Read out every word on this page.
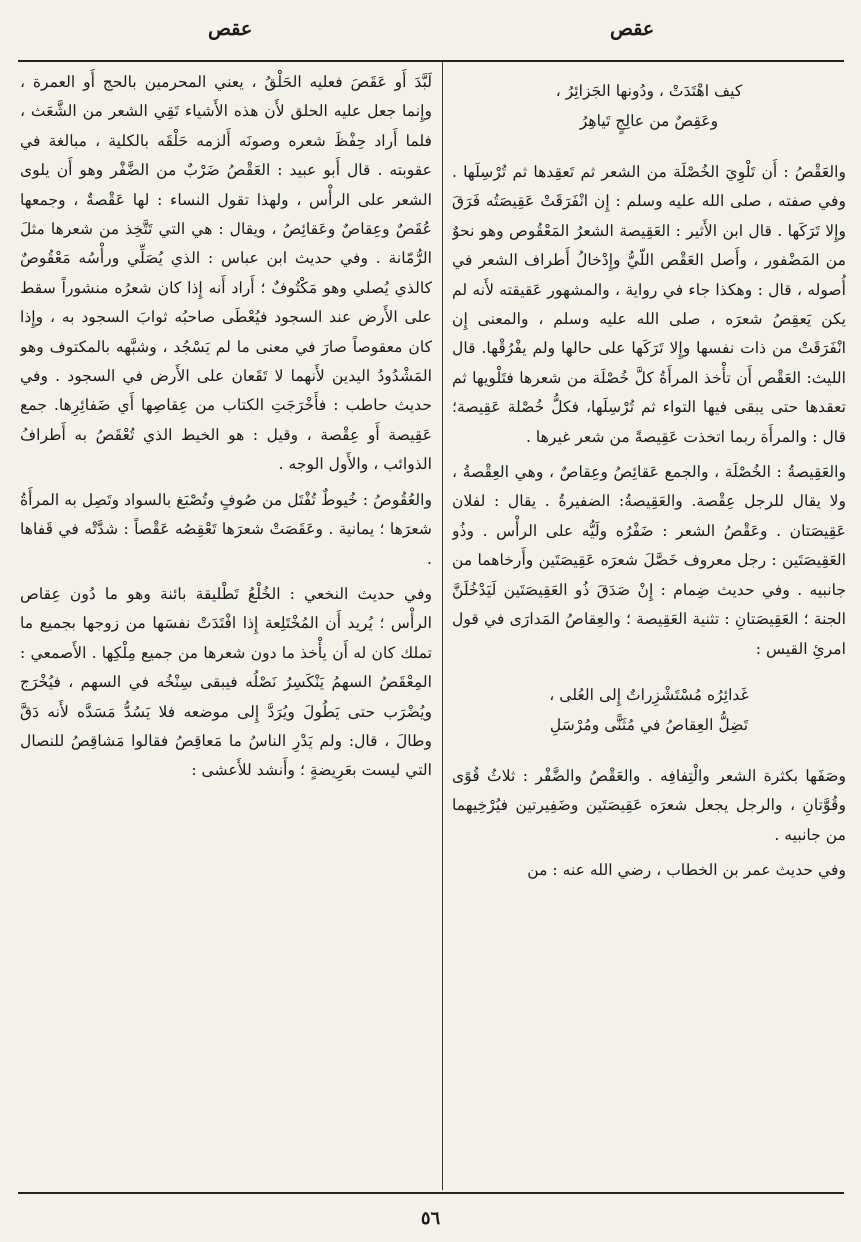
عقص	عقص
كيف اهْتَدَتْ ، ودُونها الجَزائِرُ ،
وعَقِصٌ من عالِجٍ تَياهِرُ

والعَقْصُ : أَن تَلْوِيَ الخُصْلَة من الشعر ثم تَعقِدها ثم تُرْسِلَها . وفي صفته ، صلى الله عليه وسلم : إِن انْفَرَقَتْ عَقِيصَتُه فَرَقَ وإِلا تَرَكَها . قال ابن الأَثير : العَقِيصة الشعرُ المَعْقُوص وهو نحوٌ من المَضْفور ، وأَصل العَقْص اللّيُّ وإِدْخالُ أَطراف الشعر في أُصوله ، قال : وهكذا جاء في رواية ، والمشهور عَقيقته لأَنه لم يكن يَعقِصُ شعرَه ، صلى الله عليه وسلم ، والمعنى إِن انْفَرَقَتْ من ذات نفسها وإِلا تَرَكَها على حالها ولم يفْرُقْها. قال الليث: العَقْص أَن تأْخذ المرأَةُ كلَّ خُصْلَة من شعرها فتَلْويها ثم تعقدها حتى يبقى فيها التواء ثم تُرْسِلَها، فكلُّ خُصْلة عَقِيصة؛ قال : والمرأَة ربما اتخذت عَقِيصةً من شعر غيرها .

والعَقِيصةُ : الخُصْلَة ، والجمع عَقائِصُ وعِقاصٌ ، وهي العِقْصةُ ، ولا يقال للرجل عِقْصة. والعَقِيصةُ: الضفيرةُ . يقال : لفلان عَقِيصَتان . وعَقْصُ الشعر : ضَفْرُه ولَيُّه على الرأْس . وذُو العَقِيصَتَين : رجل معروف خَصَّلَ شعرَه عَقِيصَتَين وأَرخاهما من جانبيه . وفي حديث ضِمام : إِنْ صَدَقَ ذُو العَقِيصَتَين لَيَدْخُلَنَّ الجنة ؛ العَقِيصَتانِ : تثنية العَقِيصة ؛ والعِقاصُ المَدارَى في قول امرئِ القيس :

غَدائِرُه مُسْتَشْزِراتٌ إِلى العُلى ،
تَضِلُّ العِقاصُ في مُثَنًّى ومُرْسَلِ

وصَفَها بكثرة الشعر والْتِفافِه . والعَقْصُ والضَّفْر : ثلاثُ قُوًى وقُوَّتانِ ، والرجل يجعل شعرَه عَقِيصَتَين وضَفِيرتين فيُرْخِيهما من جانبيه .

وفي حديث عمر بن الخطاب ، رضي الله عنه : من

لَبَّدَ أَو عَقَصَ فعليه الحَلْقُ ، يعني المحرمين بالحج أَو العمرة ، وإِنما جعل عليه الحلق لأَن هذه الأَشياء تَقِي الشعر من الشَّعَث ، فلما أَراد حِفْظَ شعره وصونَه أَلزمه حَلْقَه بالكلية ، مبالغة في عقوبته . قال أَبو عبيد : العَقْصُ ضَرْبٌ من الضَّفْر وهو أَن يلوى الشعر على الرأْس ، ولهذا تقول النساء : لها عَقْصةٌ ، وجمعها عُقَصٌ وعِقاصٌ وعَقائِصُ ، ويقال : هي التي تَتَّخِذ من شعرها مثلَ الرُّمّانة . وفي حديث ابن عباس : الذي يُصَلِّي ورأْسُه مَعْقُوصٌ كالذي يُصلي وهو مَكْتُوفٌ ؛ أَراد أَنه إِذا كان شعرُه منشوراً سقط على الأَرض عند السجود فيُعْطَى صاحبُه ثوابَ السجود به ، وإِذا كان معقوصاً صارَ في معنى ما لم يَسْجُد ، وشبَّهه بالمكتوف وهو المَشْدُودُ اليدين لأَنهما لا تَقَعان على الأَرض في السجود . وفي حديث حاطب : فأَخْرَجَتِ الكتاب من عِقاصِها أَي ضَفائِرِها. جمع عَقِيصة أَو عِقْصة ، وقيل : هو الخيط الذي تُعْقَصُ به أَطرافُ الذوائب ، والأَول الوجه .

والعُقُوصُ : خُيوطٌ تُفْتَل من صُوفٍ وتُصْبَغ بالسواد وتَصِل به المرأَةُ شعرَها ؛ يمانية . وعَقَصَتْ شعرَها تَعْقِصُه عَقْصاً : شدَّتْه في قَفاها .

وفي حديث النخعي : الخُلْعُ تَطْليقة بائنة وهو ما دُون عِقاص الرأْس ؛ يُريد أَن المُخْتَلِعة إِذا افْتَدَتْ نفسَها من زوجها بجميع ما تملك كان له أَن يأْخذ ما دون شعرها من جميع مِلْكِها . الأَصمعي : المِعْقَصُ السهمُ يَنْكَسِرُ نَصْلُه فيبقى سِنْخُه في السهم ، فيُخْرَج ويُضْرَب حتى يَطُولَ ويُرَدَّ إِلى موضعه فلا يَسُدُّ مَسَدَّه لأَنه دَقَّ وطالَ ، قال: ولم يَدْرِ الناسُ ما مَعاقِصُ فقالوا مَشاقِصُ للنصال التي ليست بعَرِيضةٍ ؛ وأَنشد للأَعشى :

٥٦
